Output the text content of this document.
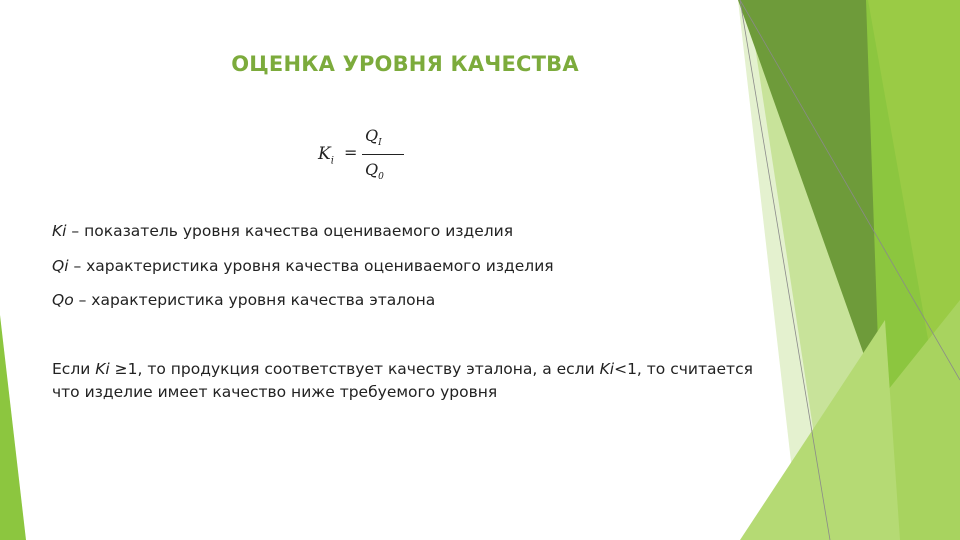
ОЦЕНКА УРОВНЯ КАЧЕСТВА
$K_i$ =
$Q_I$
$Q_0$

Ki – показатель уровня качества оцениваемого изделия

Qi – характеристика уровня качества оцениваемого изделия

Qo – характеристика уровня качества эталона

Если Ki ≥1, то продукция соответствует качеству эталона, а если Ki<1, то считается что изделие имеет качество ниже требуемого уровня
